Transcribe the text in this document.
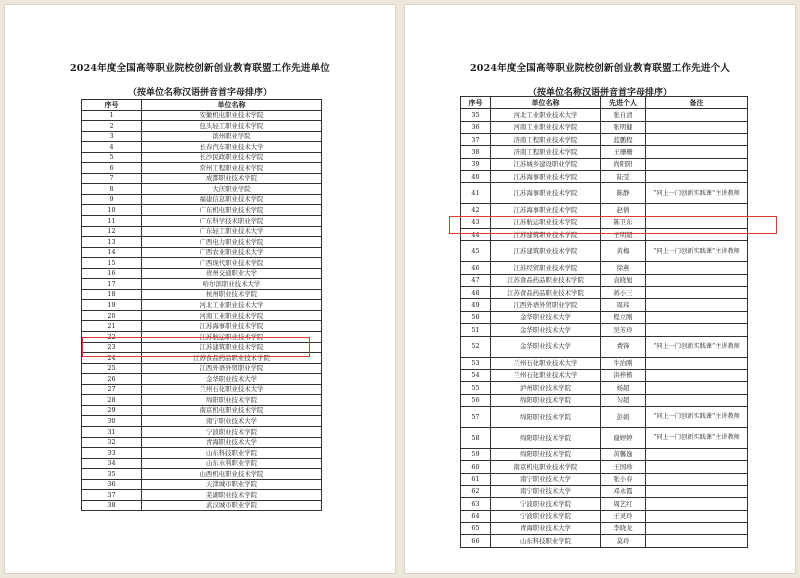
2024年度全国高等职业院校创新创业教育联盟工作先进单位
（按单位名称汉语拼音首字母排序）
序号	单位名称
1	安徽机电职业技术学院
2	包头轻工职业技术学院
3	滨州职业学院
4	长春汽车职业技术大学
5	长沙民政职业技术学院
6	常州工程职业技术学院
7	成都职业技术学院
8	大庆职业学院
9	福建信息职业技术学院
10	广东机电职业技术学院
11	广东科学技术职业学院
12	广东轻工职业技术大学
13	广西电力职业技术学院
14	广西农业职业技术大学
15	广西现代职业技术学院
16	贵州交通职业大学
17	哈尔滨职业技术大学
18	杭州职业技术学院
19	河北工业职业技术大学
20	河南工业职业技术学院
21	江苏海事职业技术学院
22	江苏航运职业技术学院
23	江苏建筑职业技术学院
24	江苏食品药品职业技术学院
25	江西外语外贸职业学院
26	金华职业技术大学
27	兰州石化职业技术大学
28	绵阳职业技术学院
29	南京机电职业技术学院
30	南宁职业技术大学
31	宁波职业技术学院
32	青海职业技术大学
33	山东科技职业学院
34	山东水利职业学院
35	山西机电职业技术学院
36	天津城市职业学院
37	芜湖职业技术学院
38	武汉城市职业学院
2024年度全国高等职业院校创新创业教育联盟工作先进个人
（按单位名称汉语拼音首字母排序）
序号	单位名称	先进个人	备注
35	河北工业职业技术大学	张自清	
36	河南工业职业技术学院	张明健	
37	济南工程职业技术学院	蓝鹏程	
38	济南工程职业技术学院	王珊珊	
39	江苏城乡建设职业学院	尚阳阳	
40	江苏海事职业技术学院	陆莹	
41	江苏海事职业技术学院	陈静	“同上一门创新实践课”主讲教师
42	江苏海事职业技术学院	赵倩	
43	江苏航运职业技术学院	陈卫东	
44	江苏建筑职业技术学院	王明超	
45	江苏建筑职业技术学院	黄梅	“同上一门创新实践课”主讲教师
46	江苏经贸职业技术学院	徐燕	
47	江苏食品药品职业技术学院	袁晓旭	
48	江苏食品药品职业技术学院	蒋小三	
49	江西外语外贸职业学院	周玮	
50	金华职业技术大学	程立刚	
51	金华职业技术大学	吴芳玲	
52	金华职业技术大学	费锋	“同上一门创新实践课”主讲教师
53	兰州石化职业技术大学	牛治刚	
54	兰州石化职业技术大学	洪梓楷	
55	泸州职业技术学院	杨超	
56	绵阳职业技术学院	匀超	
57	绵阳职业技术学院	彭娟	“同上一门创新实践课”主讲教师
58	绵阳职业技术学院	谢婷婷	“同上一门创新实践课”主讲教师
59	绵阳职业技术学院	黄馨逸	
60	南京机电职业技术学院	王国珍	
61	南宁职业技术大学	张小春	
62	南宁职业技术大学	邓永霞	
63	宁波职业技术学院	周艺红	
64	宁波职业技术学院	王灵玲	
65	青海职业技术大学	李晓龙	
66	山东科技职业学院	莫玲	
